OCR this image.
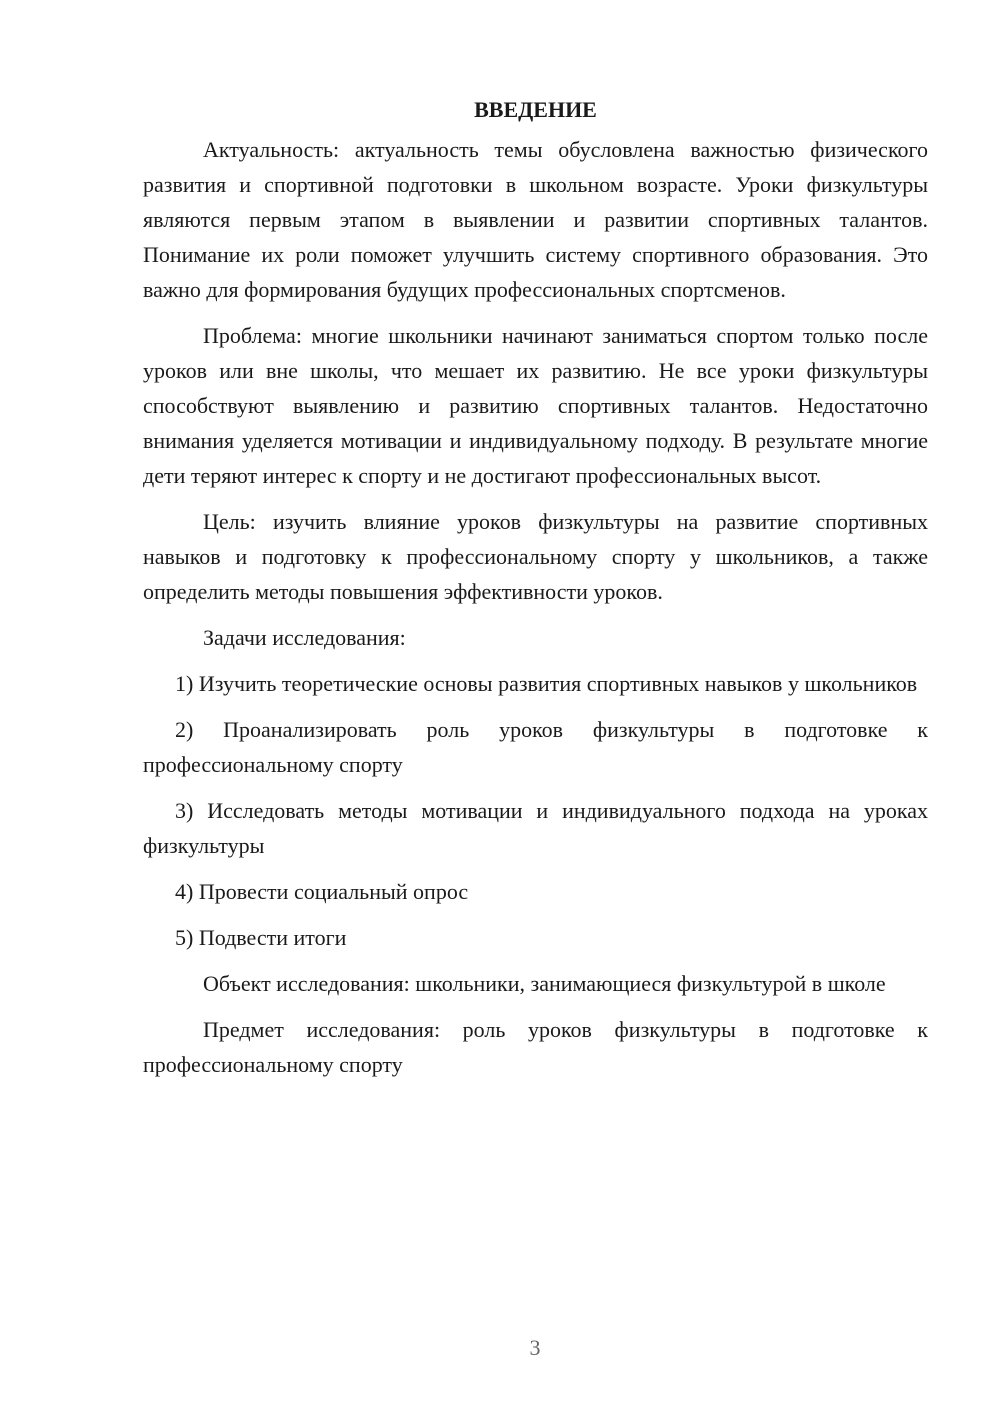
ВВЕДЕНИЕ

Актуальность: актуальность темы обусловлена важностью физического развития и спортивной подготовки в школьном возрасте. Уроки физкультуры являются первым этапом в выявлении и развитии спортивных талантов. Понимание их роли поможет улучшить систему спортивного образования. Это важно для формирования будущих профессиональных спортсменов.

Проблема: многие школьники начинают заниматься спортом только после уроков или вне школы, что мешает их развитию. Не все уроки физкультуры способствуют выявлению и развитию спортивных талантов. Недостаточно внимания уделяется мотивации и индивидуальному подходу. В результате многие дети теряют интерес к спорту и не достигают профессиональных высот.

Цель: изучить влияние уроков физкультуры на развитие спортивных навыков и подготовку к профессиональному спорту у школьников, а также определить методы повышения эффективности уроков.

Задачи исследования:

1) Изучить теоретические основы развития спортивных навыков у школьников

2) Проанализировать роль уроков физкультуры в подготовке к профессиональному спорту

3) Исследовать методы мотивации и индивидуального подхода на уроках физкультуры

4) Провести социальный опрос

5) Подвести итоги

Объект исследования: школьники, занимающиеся физкультурой в школе

Предмет исследования: роль уроков физкультуры в подготовке к профессиональному спорту

3
